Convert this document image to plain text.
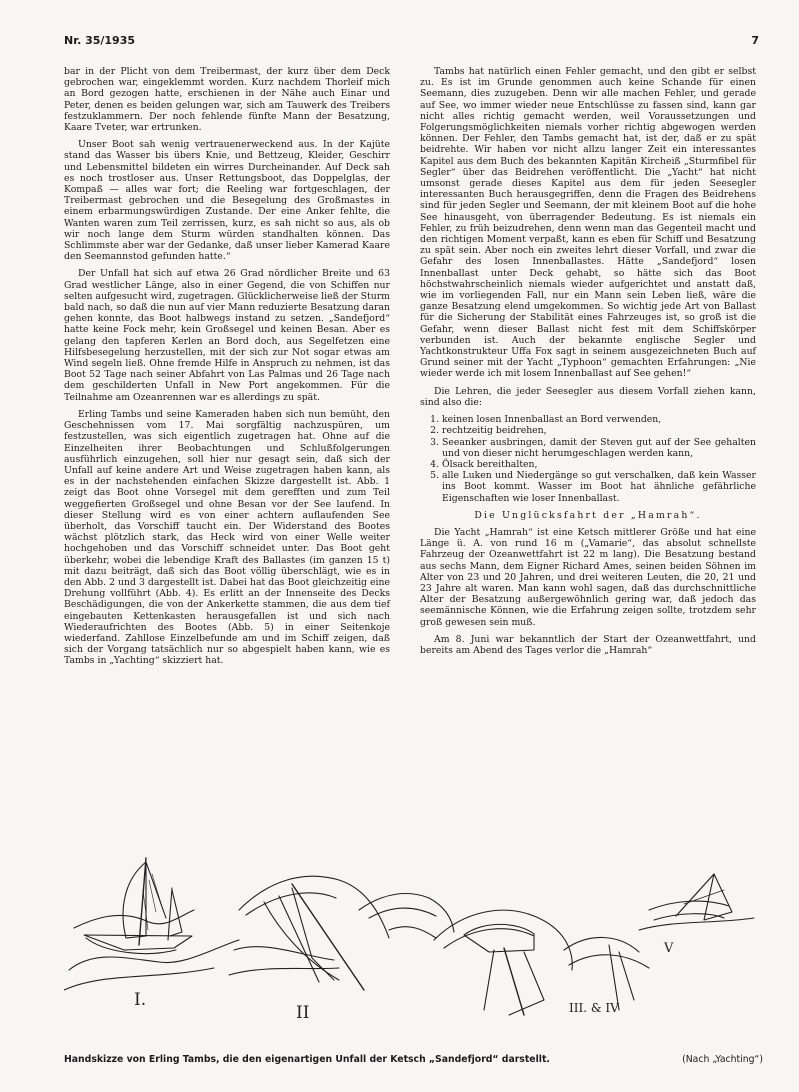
Nr. 35/1935	7

bar in der Plicht von dem Treibermast, der kurz über dem Deck gebrochen war, eingeklemmt worden. Kurz nachdem Thorleif mich an Bord gezogen hatte, erschienen in der Nähe auch Einar und Peter, denen es beiden gelungen war, sich am Tauwerk des Treibers festzuklammern. Der noch fehlende fünfte Mann der Besatzung, Kaare Tveter, war ertrunken.

Unser Boot sah wenig vertrauenerweckend aus. In der Kajüte stand das Wasser bis übers Knie, und Bettzeug, Kleider, Geschirr und Lebensmittel bildeten ein wirres Durcheinander. Auf Deck sah es noch trostloser aus. Unser Rettungsboot, das Doppelglas, der Kompaß — alles war fort; die Reeling war fortgeschlagen, der Treibermast gebrochen und die Besegelung des Großmastes in einem erbarmungswürdigen Zustande. Der eine Anker fehlte, die Wanten waren zum Teil zerrissen, kurz, es sah nicht so aus, als ob wir noch lange dem Sturm würden standhalten können. Das Schlimmste aber war der Gedanke, daß unser lieber Kamerad Kaare den Seemannstod gefunden hatte.“

Der Unfall hat sich auf etwa 26 Grad nördlicher Breite und 63 Grad westlicher Länge, also in einer Gegend, die von Schiffen nur selten aufgesucht wird, zugetragen. Glücklicherweise ließ der Sturm bald nach, so daß die nun auf vier Mann reduzierte Besatzung daran gehen konnte, das Boot halbwegs instand zu setzen. „Sandefjord“ hatte keine Fock mehr, kein Großsegel und keinen Besan. Aber es gelang den tapferen Kerlen an Bord doch, aus Segelfetzen eine Hilfsbesegelung herzustellen, mit der sich zur Not sogar etwas am Wind segeln ließ. Ohne fremde Hilfe in Anspruch zu nehmen, ist das Boot 52 Tage nach seiner Abfahrt von Las Palmas und 26 Tage nach dem geschilderten Unfall in New Port angekommen. Für die Teilnahme am Ozeanrennen war es allerdings zu spät.

Erling Tambs und seine Kameraden haben sich nun bemüht, den Geschehnissen vom 17. Mai sorgfältig nachzuspüren, um festzustellen, was sich eigentlich zugetragen hat. Ohne auf die Einzelheiten ihrer Beobachtungen und Schlußfolgerungen ausführlich einzugehen, soll hier nur gesagt sein, daß sich der Unfall auf keine andere Art und Weise zugetragen haben kann, als es in der nachstehenden einfachen Skizze dargestellt ist. Abb. 1 zeigt das Boot ohne Vorsegel mit dem gerefften und zum Teil weggefierten Großsegel und ohne Besan vor der See laufend. In dieser Stellung wird es von einer achtern auflaufenden See überholt, das Vorschiff taucht ein. Der Widerstand des Bootes wächst plötzlich stark, das Heck wird von einer Welle weiter hochgehoben und das Vorschiff schneidet unter. Das Boot geht überkehr, wobei die lebendige Kraft des Ballastes (im ganzen 15 t) mit dazu beiträgt, daß sich das Boot völlig überschlägt, wie es in den Abb. 2 und 3 dargestellt ist. Dabei hat das Boot gleichzeitig eine Drehung vollführt (Abb. 4). Es erlitt an der Innenseite des Decks Beschädigungen, die von der Ankerkette stammen, die aus dem tief eingebauten Kettenkasten herausgefallen ist und sich nach Wiederaufrichten des Bootes (Abb. 5) in einer Seitenkoje wiederfand. Zahllose Einzelbefunde am und im Schiff zeigen, daß sich der Vorgang tatsächlich nur so abgespielt haben kann, wie es Tambs in „Yachting“ skizziert hat.

Tambs hat natürlich einen Fehler gemacht, und den gibt er selbst zu. Es ist im Grunde genommen auch keine Schande für einen Seemann, dies zuzugeben. Denn wir alle machen Fehler, und gerade auf See, wo immer wieder neue Entschlüsse zu fassen sind, kann gar nicht alles richtig gemacht werden, weil Voraussetzungen und Folgerungsmöglichkeiten niemals vorher richtig abgewogen werden können. Der Fehler, den Tambs gemacht hat, ist der, daß er zu spät beidrehte. Wir haben vor nicht allzu langer Zeit ein interessantes Kapitel aus dem Buch des bekannten Kapitän Kircheiß „Sturmfibel für Segler“ über das Beidrehen veröffentlicht. Die „Yacht“ hat nicht umsonst gerade dieses Kapitel aus dem für jeden Seesegler interessanten Buch herausgegriffen, denn die Fragen des Beidrehens sind für jeden Segler und Seemann, der mit kleinem Boot auf die hohe See hinausgeht, von überragender Bedeutung. Es ist niemals ein Fehler, zu früh beizudrehen, denn wenn man das Gegenteil macht und den richtigen Moment verpaßt, kann es eben für Schiff und Besatzung zu spät sein. Aber noch ein zweites lehrt dieser Vorfall, und zwar die Gefahr des losen Innenballastes. Hätte „Sandefjord“ losen Innenballast unter Deck gehabt, so hätte sich das Boot höchstwahrscheinlich niemals wieder aufgerichtet und anstatt daß, wie im vorliegenden Fall, nur ein Mann sein Leben ließ, wäre die ganze Besatzung elend umgekommen. So wichtig jede Art von Ballast für die Sicherung der Stabilität eines Fahrzeuges ist, so groß ist die Gefahr, wenn dieser Ballast nicht fest mit dem Schiffskörper verbunden ist. Auch der bekannte englische Segler und Yachtkonstrukteur Uffa Fox sagt in seinem ausgezeichneten Buch auf Grund seiner mit der Yacht „Typhoon“ gemachten Erfahrungen: „Nie wieder werde ich mit losem Innenballast auf See gehen!“

Die Lehren, die jeder Seesegler aus diesem Vorfall ziehen kann, sind also die:

1. keinen losen Innenballast an Bord verwenden,
2. rechtzeitig beidrehen,
3. Seeanker ausbringen, damit der Steven gut auf der See gehalten und von dieser nicht herumgeschlagen werden kann,
4. Ölsack bereithalten,
5. alle Luken und Niedergänge so gut verschalken, daß kein Wasser ins Boot kommt. Wasser im Boot hat ähnliche gefährliche Eigenschaften wie loser Innenballast.

Die Unglücksfahrt der „Hamrah“.

Die Yacht „Hamrah“ ist eine Ketsch mittlerer Größe und hat eine Länge ü. A. von rund 16 m („Vamarie“, das absolut schnellste Fahrzeug der Ozeanwettfahrt ist 22 m lang). Die Besatzung bestand aus sechs Mann, dem Eigner Richard Ames, seinen beiden Söhnen im Alter von 23 und 20 Jahren, und drei weiteren Leuten, die 20, 21 und 23 Jahre alt waren. Man kann wohl sagen, daß das durchschnittliche Alter der Besatzung außergewöhnlich gering war, daß jedoch das seemännische Können, wie die Erfahrung zeigen sollte, trotzdem sehr groß gewesen sein muß.

Am 8. Juni war bekanntlich der Start der Ozeanwettfahrt, und bereits am Abend des Tages verlor die „Hamrah“

I.
II	III. & IV
V
Handskizze von Erling Tambs, die den eigenartigen Unfall der Ketsch „Sandefjord“ darstellt.	(Nach „Yachting“)
